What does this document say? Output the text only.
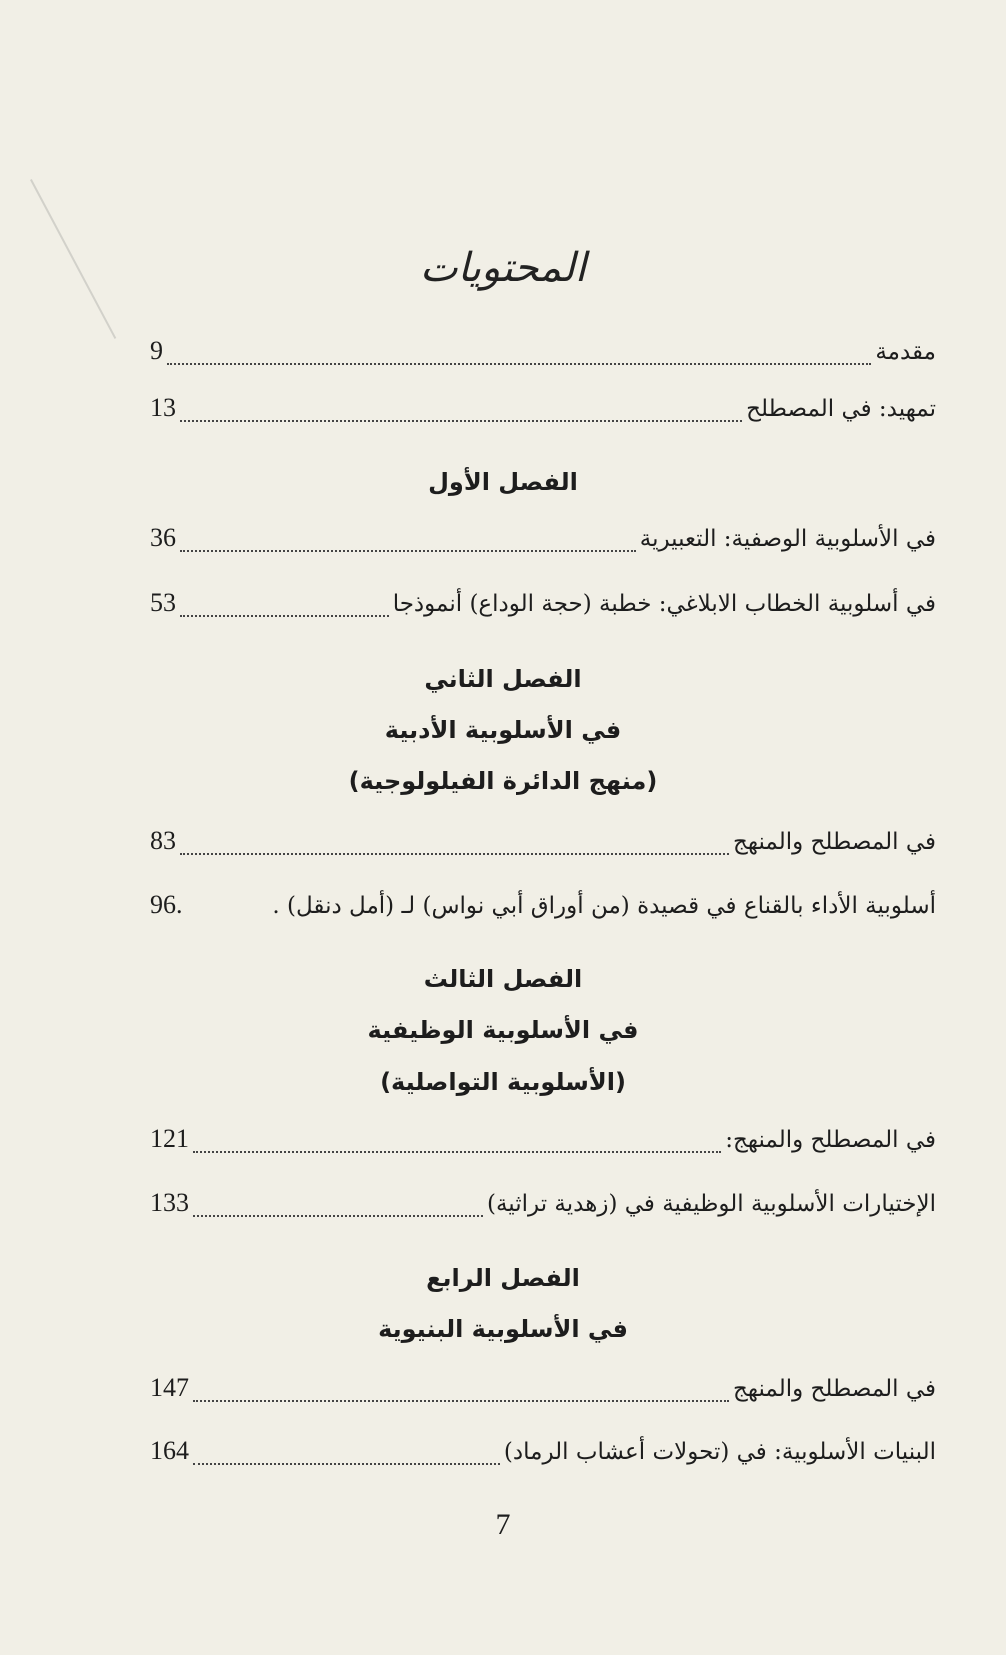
المحتويات
مقدمة
9
تمهيد: في المصطلح
13
الفصل الأول
في الأسلوبية الوصفية: التعبيرية
36
في أسلوبية الخطاب الابلاغي: خطبة (حجة الوداع) أنموذجا
53
الفصل الثاني
في الأسلوبية الأدبية
(منهج الدائرة الفيلولوجية)
في المصطلح والمنهج
83
أسلوبية الأداء بالقناع في قصيدة (من أوراق أبي نواس) لـ (أمل دنقل) .
96.
الفصل الثالث
في الأسلوبية الوظيفية
(الأسلوبية التواصلية)
في المصطلح والمنهج:
121
الإختيارات الأسلوبية الوظيفية في (زهدية تراثية)
133
الفصل الرابع
في الأسلوبية البنيوية
في المصطلح والمنهج
147
البنيات الأسلوبية: في (تحولات أعشاب الرماد)
164
7
